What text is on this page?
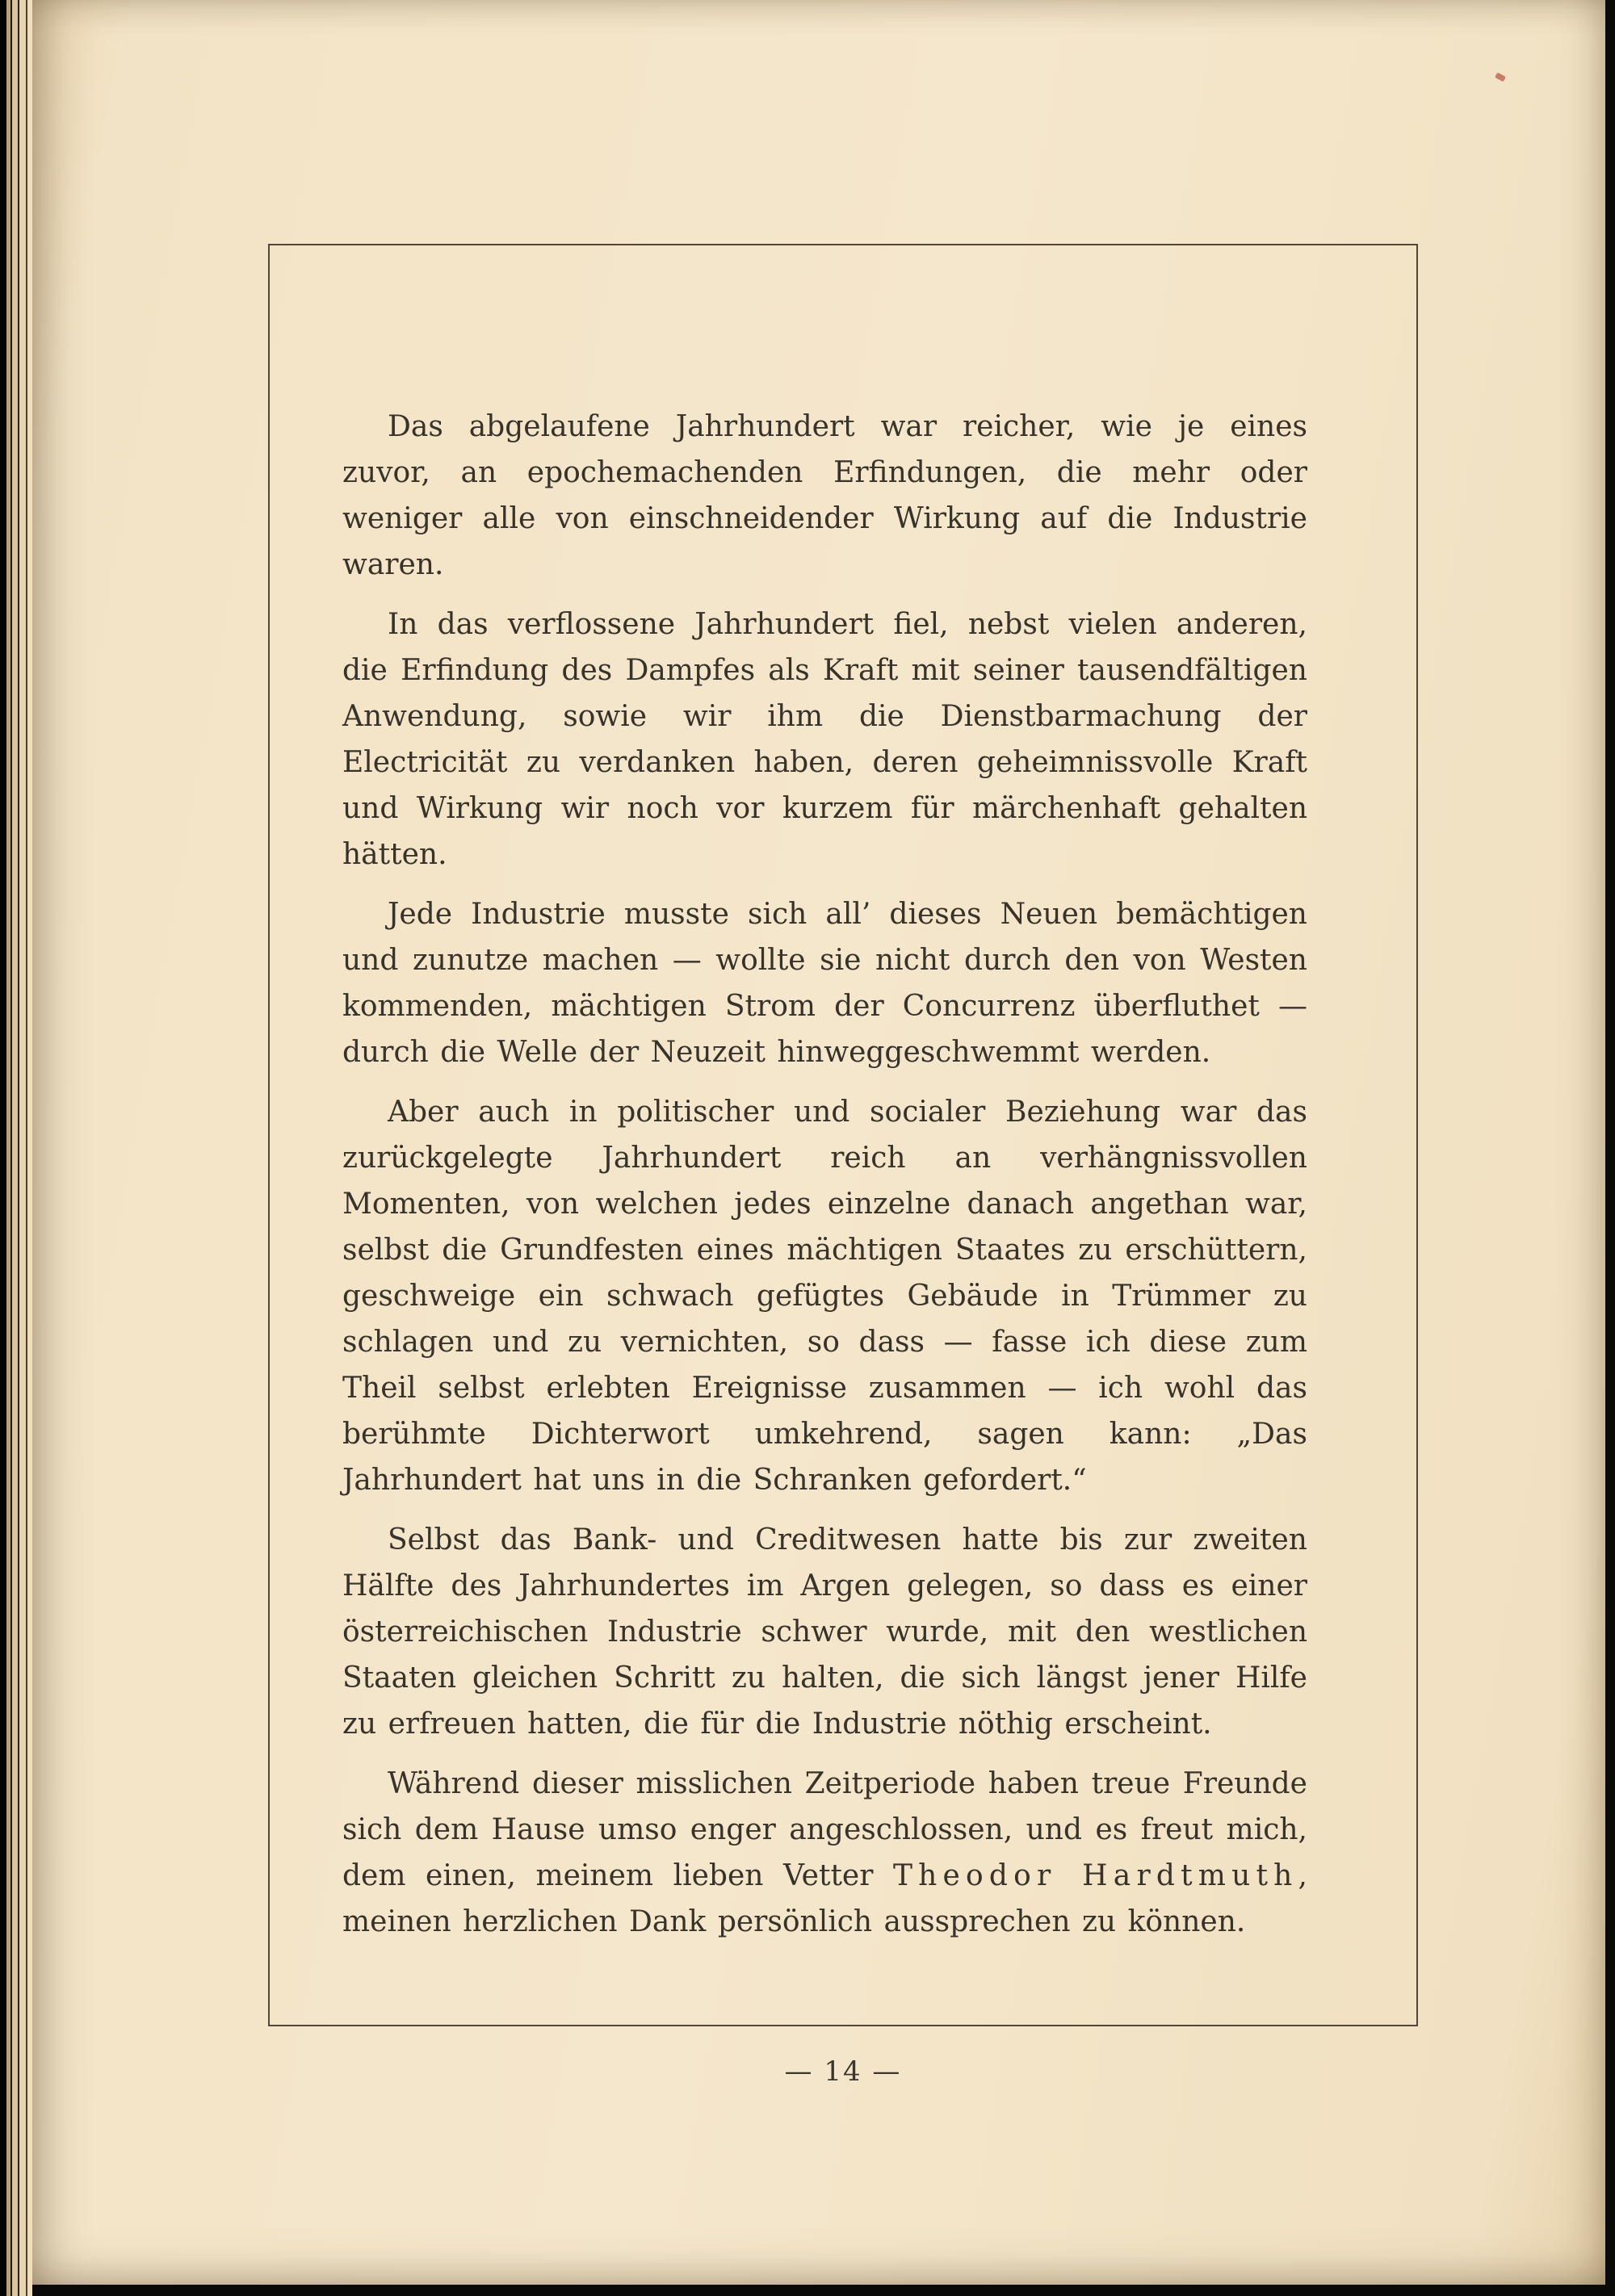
Das abgelaufene Jahrhundert war reicher, wie je eines zuvor, an epochemachenden Erfindungen, die mehr oder weniger alle von einschneidender Wirkung auf die Industrie waren.

In das verflossene Jahrhundert fiel, nebst vielen anderen, die Erfindung des Dampfes als Kraft mit seiner tausendfältigen Anwendung, sowie wir ihm die Dienstbarmachung der Electricität zu verdanken haben, deren geheimnissvolle Kraft und Wirkung wir noch vor kurzem für märchenhaft gehalten hätten.

Jede Industrie musste sich all’ dieses Neuen bemächtigen und zunutze machen — wollte sie nicht durch den von Westen kommenden, mächtigen Strom der Concurrenz überfluthet — durch die Welle der Neuzeit hinweggeschwemmt werden.

Aber auch in politischer und socialer Beziehung war das zurückgelegte Jahrhundert reich an verhängnissvollen Momenten, von welchen jedes einzelne danach angethan war, selbst die Grundfesten eines mächtigen Staates zu erschüttern, geschweige ein schwach gefügtes Gebäude in Trümmer zu schlagen und zu vernichten, so dass — fasse ich diese zum Theil selbst erlebten Ereignisse zusammen — ich wohl das berühmte Dichterwort umkehrend, sagen kann: „Das Jahrhundert hat uns in die Schranken gefordert.“

Selbst das Bank- und Creditwesen hatte bis zur zweiten Hälfte des Jahrhundertes im Argen gelegen, so dass es einer österreichischen Industrie schwer wurde, mit den westlichen Staaten gleichen Schritt zu halten, die sich längst jener Hilfe zu erfreuen hatten, die für die Industrie nöthig erscheint.

Während dieser misslichen Zeitperiode haben treue Freunde sich dem Hause umso enger angeschlossen, und es freut mich, dem einen, meinem lieben Vetter Theodor Hardtmuth, meinen herzlichen Dank persönlich aussprechen zu können.

— 14 —
